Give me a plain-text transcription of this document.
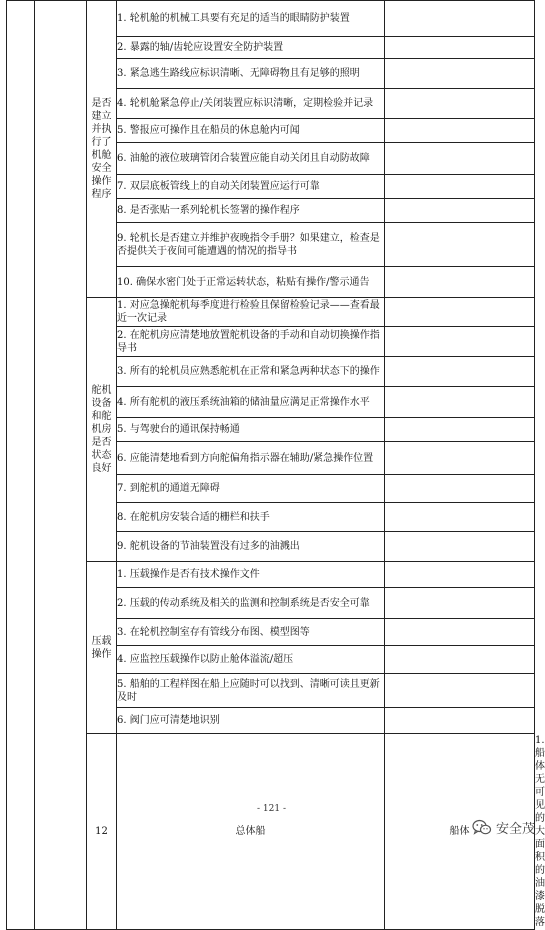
		是否建立并执行了机舱安全操作程序	1. 轮机舱的机械工具要有充足的适当的眼睛防护装置		

			2. 暴露的轴/齿轮应设置安全防护装置		

			3. 紧急逃生路线应标识清晰、无障碍物且有足够的照明		

			4. 轮机舱紧急停止/关闭装置应标识清晰，定期检验并记录		

			5. 警报应可操作且在船员的休息舱内可闻		

			6. 油舱的液位玻璃管闭合装置应能自动关闭且自动防故障		

			7. 双层底板管线上的自动关闭装置应运行可靠		

			8. 是否张贴一系列轮机长签署的操作程序		

			9. 轮机长是否建立并维护夜晚指令手册？如果建立，检查是否提供关于夜间可能遭遇的情况的指导书		

			10. 确保水密门处于正常运转状态，粘贴有操作/警示通告		

		舵机设备和舵机房是否状态良好	1. 对应急操舵机每季度进行检验且保留检验记录——查看最近一次记录		

			2. 在舵机房应清楚地放置舵机设备的手动和自动切换操作指导书		

			3. 所有的轮机员应熟悉舵机在正常和紧急两种状态下的操作		

			4. 所有舵机的液压系统油箱的储油量应满足正常操作水平		

			5. 与驾驶台的通讯保持畅通		

			6. 应能清楚地看到方向舵偏角指示器在辅助/紧急操作位置		

			7. 到舵机的通道无障碍		

			8. 在舵机房安装合适的栅栏和扶手		

			9. 舵机设备的节油装置没有过多的油溅出		

		压载操作	1. 压载操作是否有技术操作文件		

			2. 压载的传动系统及相关的监测和控制系统是否安全可靠		

			3. 在轮机控制室存有管线分布图、模型图等		

			4. 应监控压载操作以防止舱体溢流/超压		

			5. 船舶的工程样图在船上应随时可以找到、清晰可读且更新及时		

			6. 阀门应可清楚地识别		

		12	总体船	船体	1. 船体无可见的大面积的油漆脱落

- 121 -
安全茂
